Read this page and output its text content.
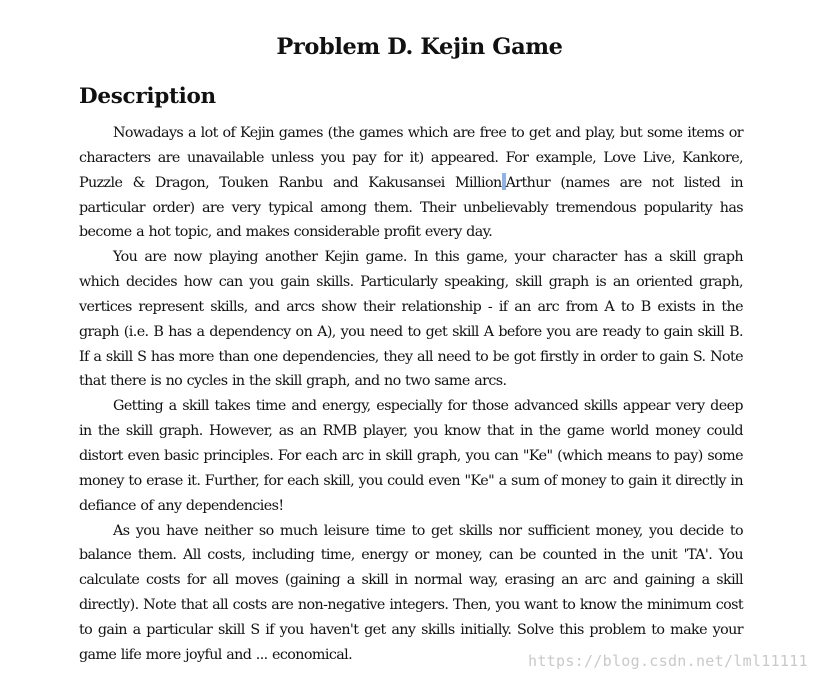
Problem D. Kejin Game
Description

Nowadays a lot of Kejin games (the games which are free to get and play, but some items or characters are unavailable unless you pay for it) appeared. For example, Love Live, Kankore, Puzzle & Dragon, Touken Ranbu and Kakusansei Million Arthur (names are not listed in particular order) are very typical among them. Their unbelievably tremendous popularity has become a hot topic, and makes considerable profit every day.

You are now playing another Kejin game. In this game, your character has a skill graph which decides how can you gain skills. Particularly speaking, skill graph is an oriented graph, vertices represent skills, and arcs show their relationship - if an arc from A to B exists in the graph (i.e. B has a dependency on A), you need to get skill A before you are ready to gain skill B. If a skill S has more than one dependencies, they all need to be got firstly in order to gain S. Note that there is no cycles in the skill graph, and no two same arcs.

Getting a skill takes time and energy, especially for those advanced skills appear very deep in the skill graph. However, as an RMB player, you know that in the game world money could distort even basic principles. For each arc in skill graph, you can "Ke" (which means to pay) some money to erase it. Further, for each skill, you could even "Ke" a sum of money to gain it directly in defiance of any dependencies!

As you have neither so much leisure time to get skills nor sufficient money, you decide to balance them. All costs, including time, energy or money, can be counted in the unit 'TA'. You calculate costs for all moves (gaining a skill in normal way, erasing an arc and gaining a skill directly). Note that all costs are non-negative integers. Then, you want to know the minimum cost to gain a particular skill S if you haven't get any skills initially. Solve this problem to make your game life more joyful and ... economical.	https://blog.csdn.net/lml11111
